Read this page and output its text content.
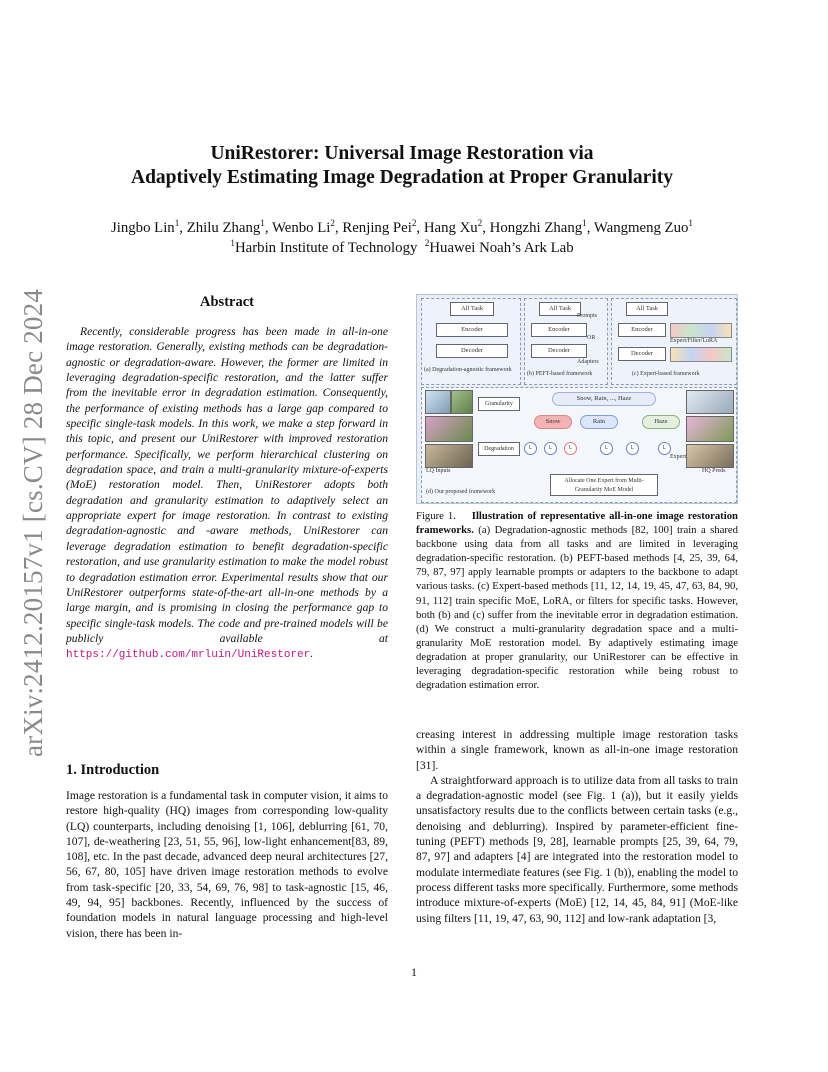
arXiv:2412.20157v1 [cs.CV] 28 Dec 2024
UniRestorer: Universal Image Restoration via
Adaptively Estimating Image Degradation at Proper Granularity
Jingbo Lin$^1$, Zhilu Zhang$^1$, Wenbo Li$^2$, Renjing Pei$^2$, Hang Xu$^2$, Hongzhi Zhang$^1$, Wangmeng Zuo$^1$
$^1$Harbin Institute of Technology $^2$Huawei Noah’s Ark Lab
Abstract

Recently, considerable progress has been made in all-in-one image restoration. Generally, existing methods can be degradation-agnostic or degradation-aware. However, the former are limited in leveraging degradation-specific restoration, and the latter suffer from the inevitable error in degradation estimation. Consequently, the performance of existing methods has a large gap compared to specific single-task models. In this work, we make a step forward in this topic, and present our UniRestorer with improved restoration performance. Specifically, we perform hierarchical clustering on degradation space, and train a multi-granularity mixture-of-experts (MoE) restoration model. Then, UniRestorer adopts both degradation and granularity estimation to adaptively select an appropriate expert for image restoration. In contrast to existing degradation-agnostic and -aware methods, UniRestorer can leverage degradation estimation to benefit degradation-specific restoration, and use granularity estimation to make the model robust to degradation estimation error. Experimental results show that our UniRestorer outperforms state-of-the-art all-in-one methods by a large margin, and is promising in closing the performance gap to specific single-task models. The code and pre-trained models will be publicly available at https://github.com/mrluin/UniRestorer.

1. Introduction

Image restoration is a fundamental task in computer vision, it aims to restore high-quality (HQ) images from corresponding low-quality (LQ) counterparts, including denoising [1, 106], deblurring [61, 70, 107], de-weathering [23, 51, 55, 96], low-light enhancement[83, 89, 108], etc. In the past decade, advanced deep neural architectures [27, 56, 67, 80, 105] have driven image restoration methods to evolve from task-specific [20, 33, 54, 69, 76, 98] to task-agnostic [15, 46, 49, 94, 95] backbones. Recently, influenced by the success of foundation models in natural language processing and high-level vision, there has been in-

All Task
Encoder
Decoder
(a) Degradation-agnostic framework
All Task
Prompts
Encoder
OR
Decoder
Adapters
(b) PEFT-based framework
All Task
Encoder
Expert/Filter/LoRA
Decoder
(c) Expert-based framework
LQ Inputs
Granularity
Degradation
Snow, Rain, ..., Haze
Snow	Rain	Haze
L	L	L	L	L	L
Expert
HQ Preds
Allocate One Expert from Multi-Granularity MoE Model
(d) Our proposed framework

Figure 1. Illustration of representative all-in-one image restoration frameworks. (a) Degradation-agnostic methods [82, 100] train a shared backbone using data from all tasks and are limited in leveraging degradation-specific restoration. (b) PEFT-based methods [4, 25, 39, 64, 79, 87, 97] apply learnable prompts or adapters to the backbone to adapt various tasks. (c) Expert-based methods [11, 12, 14, 19, 45, 47, 63, 84, 90, 91, 112] train specific MoE, LoRA, or filters for specific tasks. However, both (b) and (c) suffer from the inevitable error in degradation estimation. (d) We construct a multi-granularity degradation space and a multi-granularity MoE restoration model. By adaptively estimating image degradation at proper granularity, our UniRestorer can be effective in leveraging degradation-specific restoration while being robust to degradation estimation error.

creasing interest in addressing multiple image restoration tasks within a single framework, known as all-in-one image restoration [31].

A straightforward approach is to utilize data from all tasks to train a degradation-agnostic model (see Fig. 1 (a)), but it easily yields unsatisfactory results due to the conflicts between certain tasks (e.g., denoising and deblurring). Inspired by parameter-efficient fine-tuning (PEFT) methods [9, 28], learnable prompts [25, 39, 64, 79, 87, 97] and adapters [4] are integrated into the restoration model to modulate intermediate features (see Fig. 1 (b)), enabling the model to process different tasks more specifically. Furthermore, some methods introduce mixture-of-experts (MoE) [12, 14, 45, 84, 91] (MoE-like using filters [11, 19, 47, 63, 90, 112] and low-rank adaptation [3,

1
